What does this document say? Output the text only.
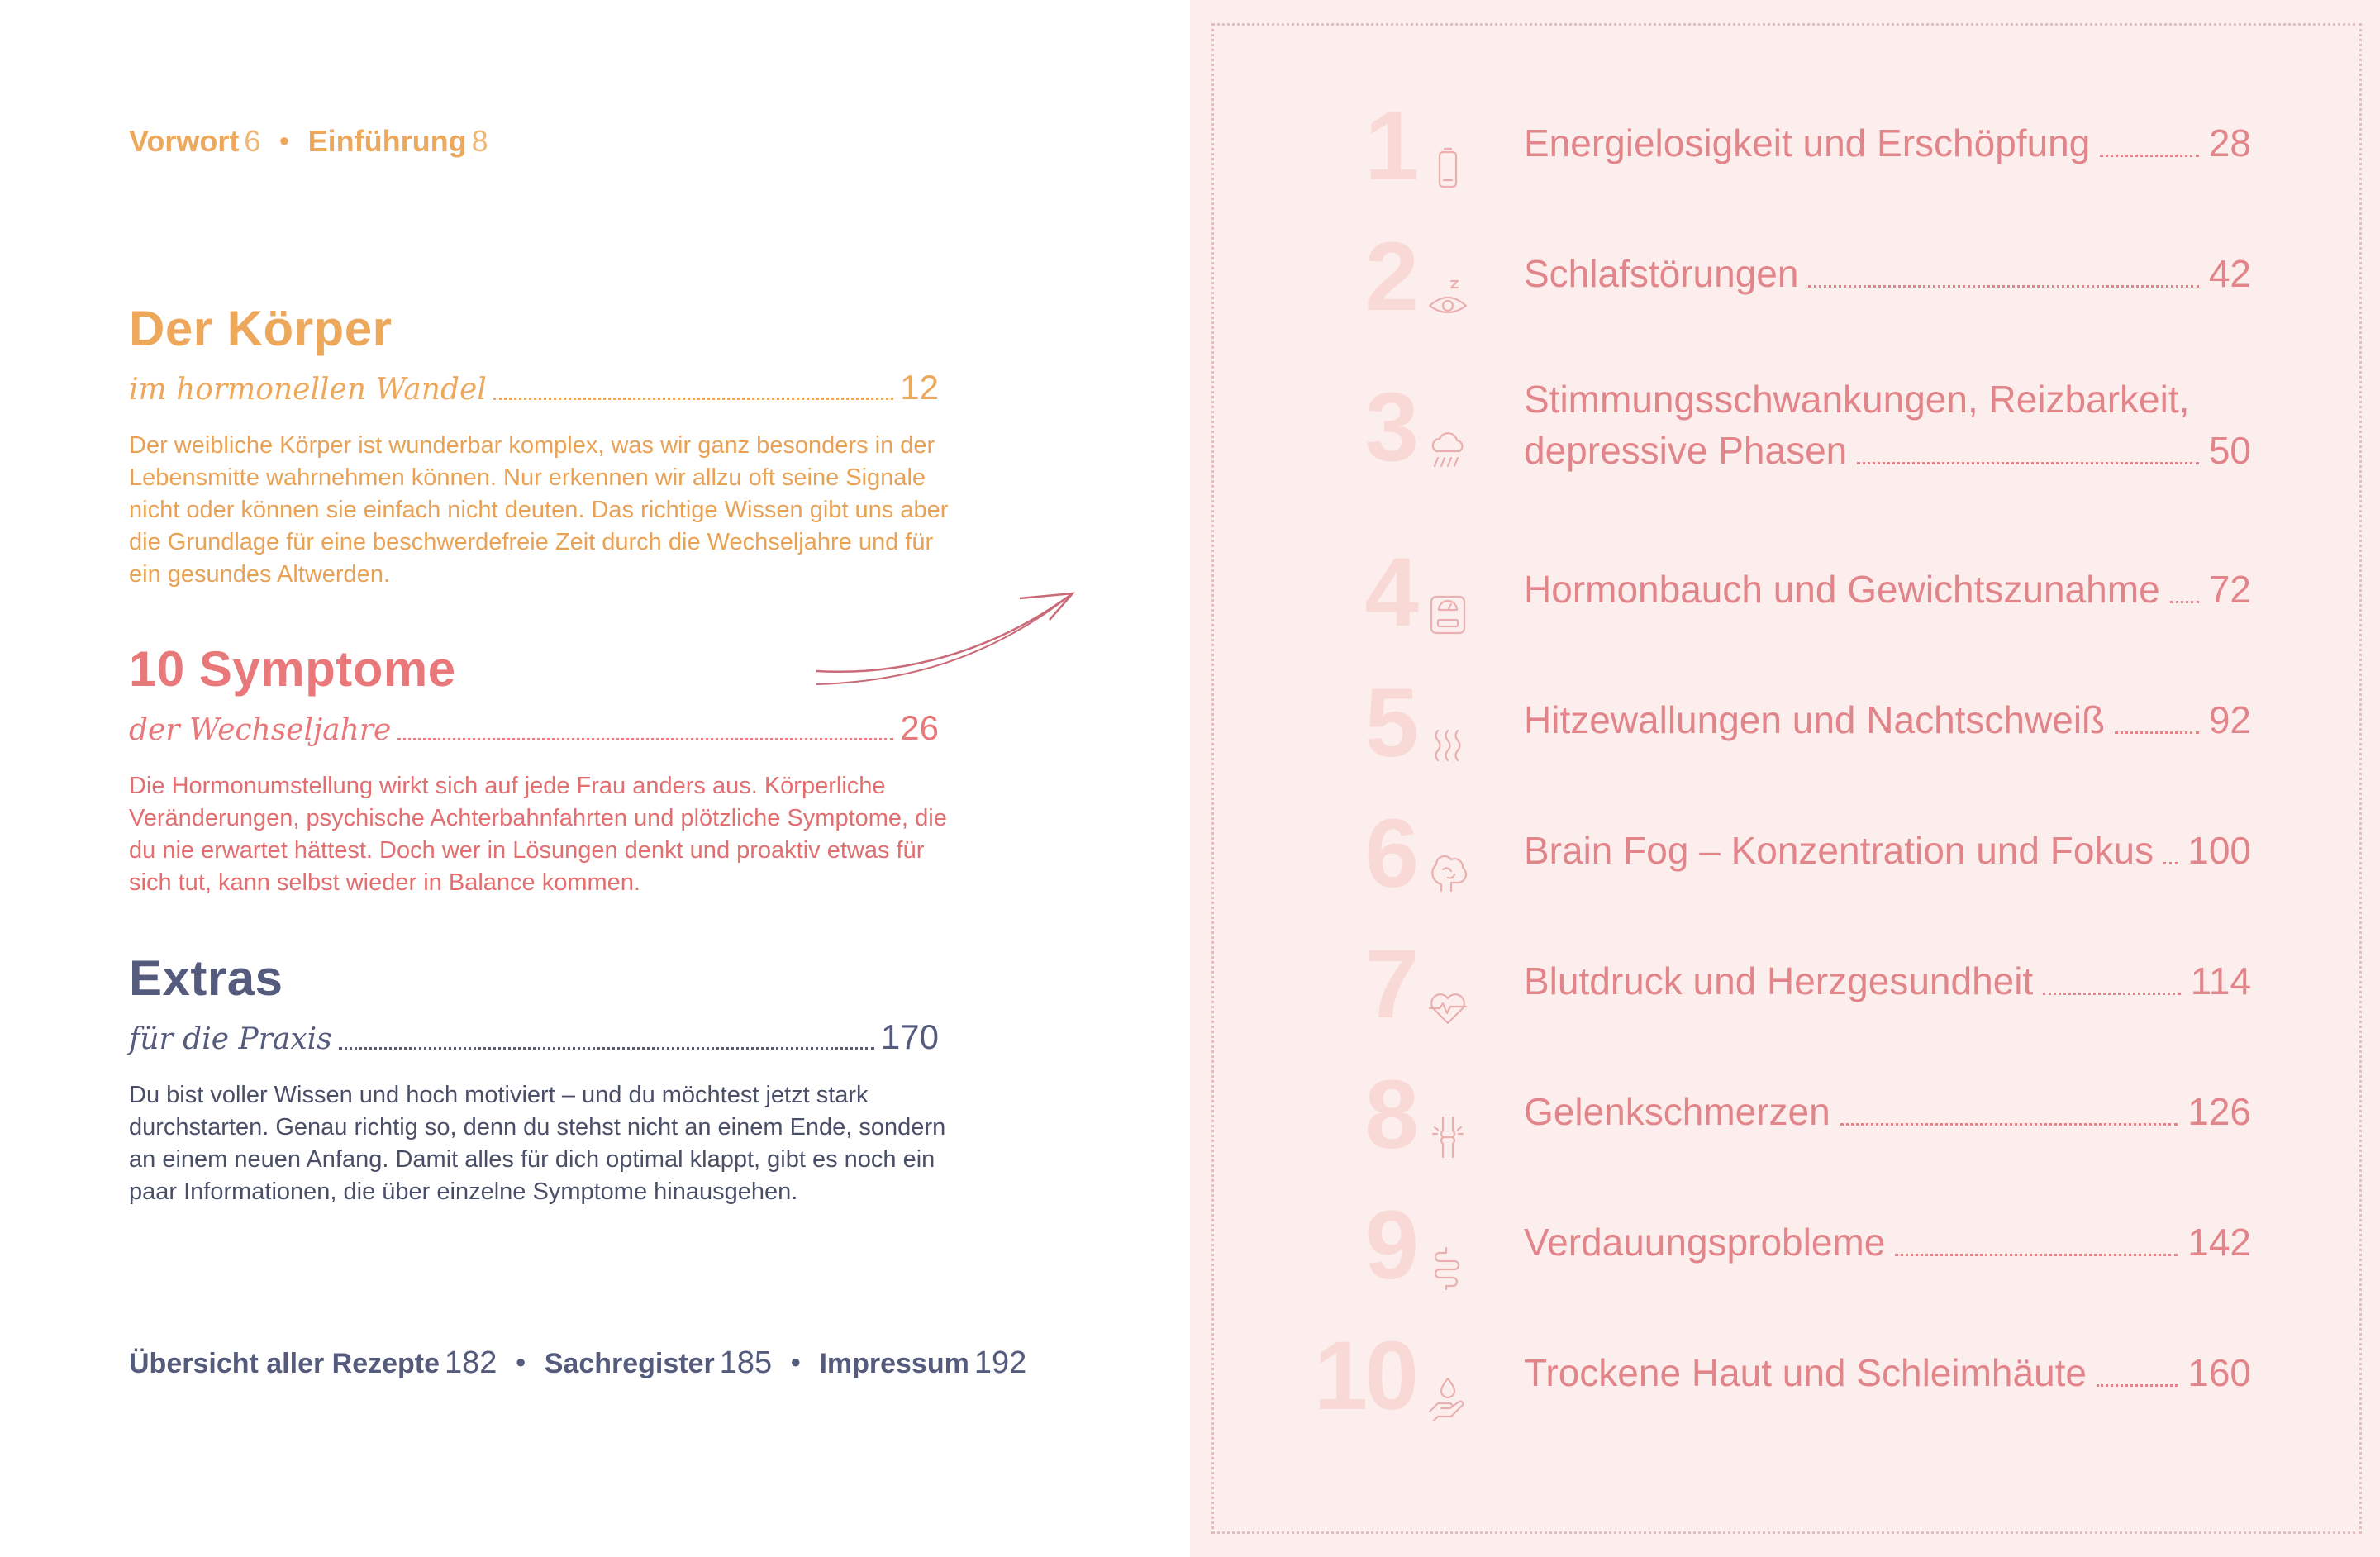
Vorwort 6 ● Einführung 8
Der Körper
im hormonellen Wandel	12

Der weibliche Körper ist wunderbar komplex, was wir ganz besonders in der Lebensmitte wahrnehmen können. Nur erkennen wir allzu oft seine Signale nicht oder können sie einfach nicht deuten. Das richtige Wissen gibt uns aber die Grundlage für eine beschwerdefreie Zeit durch die Wechseljahre und für ein gesundes Altwerden.

10 Symptome
der Wechseljahre	26

Die Hormonumstellung wirkt sich auf jede Frau anders aus. Körperliche Veränderungen, psychische Achterbahnfahrten und plötzliche Symptome, die du nie erwartet hättest. Doch wer in Lösungen denkt und proaktiv etwas für sich tut, kann selbst wieder in Balance kommen.

Extras
für die Praxis	170

Du bist voller Wissen und hoch motiviert – und du möchtest jetzt stark durchstarten. Genau richtig so, denn du stehst nicht an einem Ende, sondern an einem neuen Anfang. Damit alles für dich optimal klappt, gibt es noch ein paar Informationen, die über einzelne Symptome hinausgehen.

Übersicht aller Rezepte 182 ● Sachregister 185 ● Impressum 192
1	Energielosigkeit und Erschöpfung	28
2	Schlafstörungen	42
3	Stimmungsschwankungen, Reizbarkeit,
depressive Phasen	50
4	Hormonbauch und Gewichtszunahme 72
5	Hitzewallungen und Nachtschweiß	92
6	Brain Fog – Konzentration und Fokus 100
7	Blutdruck und Herzgesundheit	114
8	Gelenkschmerzen	126
9	Verdauungsprobleme	142
10	Trockene Haut und Schleimhäute	160
